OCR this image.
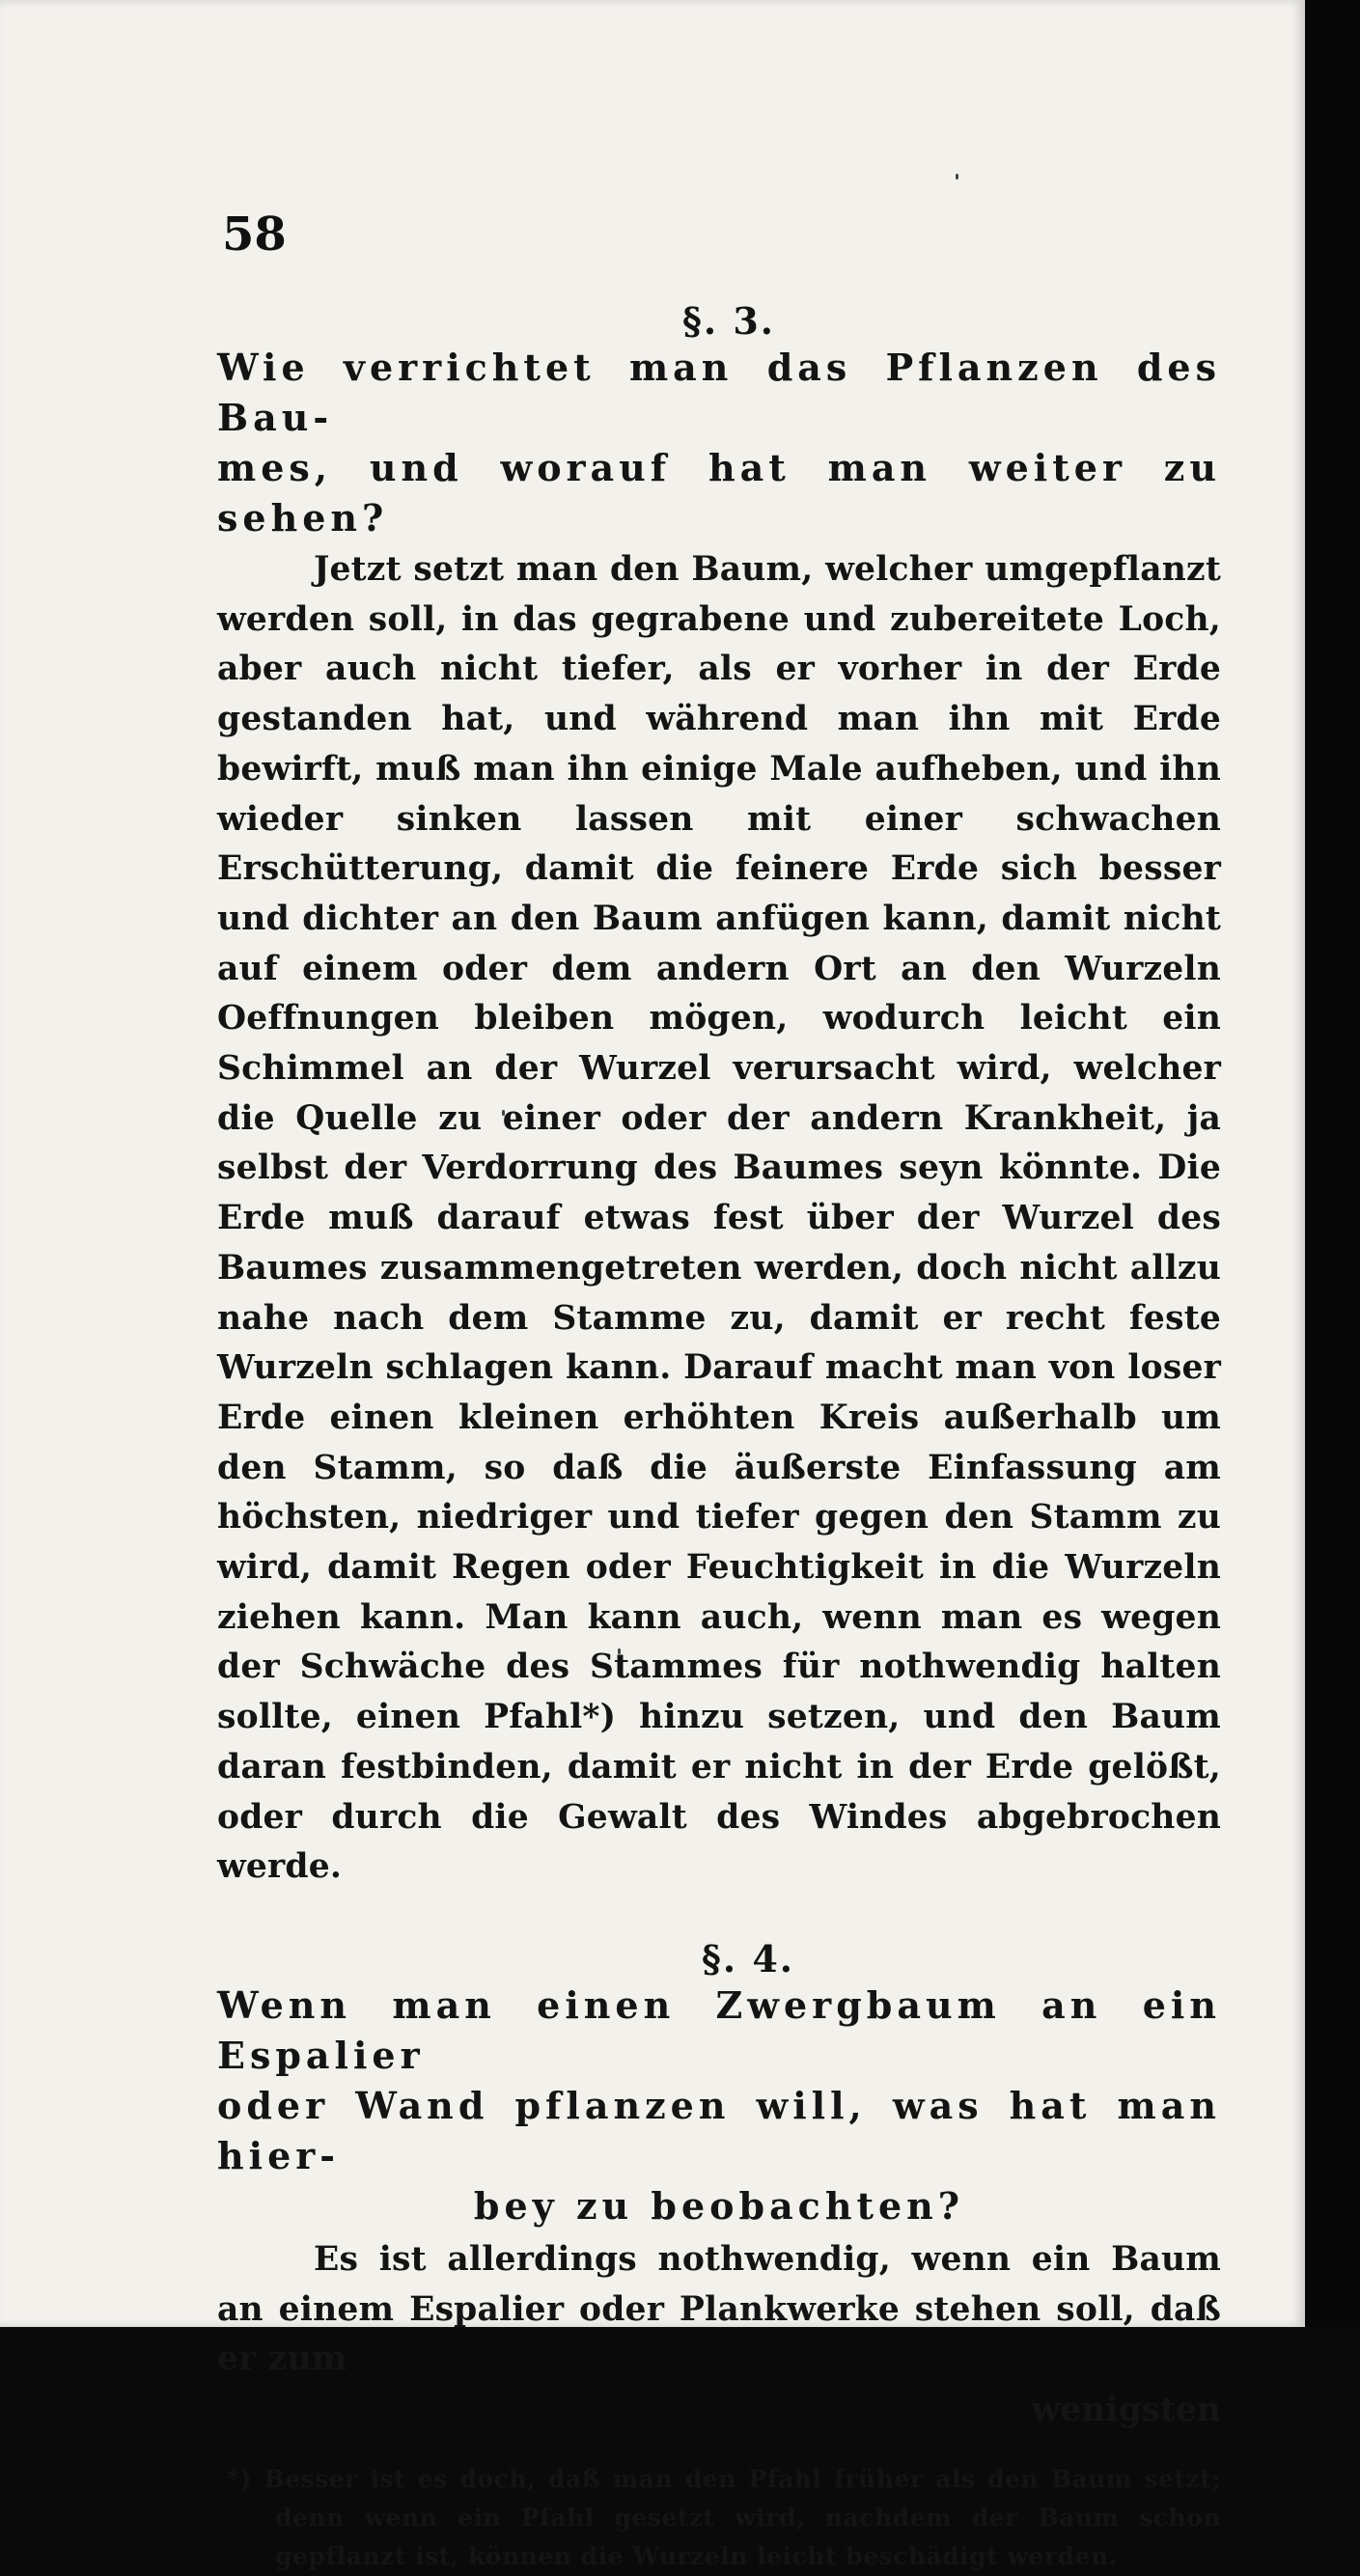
58

§. 3.

Wie verrichtet man das Pflanzen des Bau-

mes, und worauf hat man weiter zu sehen?

Jetzt setzt man den Baum, welcher umgepflanzt werden soll, in das gegrabene und zubereitete Loch, aber auch nicht tiefer, als er vorher in der Erde gestanden hat, und während man ihn mit Erde bewirft, muß man ihn einige Male aufheben, und ihn wieder sinken lassen mit einer schwachen Erschütterung, damit die feinere Erde sich besser und dichter an den Baum anfügen kann, damit nicht auf einem oder dem andern Ort an den Wurzeln Oeffnungen bleiben mögen, wodurch leicht ein Schimmel an der Wurzel verursacht wird, welcher die Quelle zu einer oder der andern Krankheit, ja selbst der Verdorrung des Baumes seyn könnte. Die Erde muß darauf etwas fest über der Wurzel des Baumes zusammengetreten werden, doch nicht allzu nahe nach dem Stamme zu, damit er recht feste Wurzeln schlagen kann. Darauf macht man von loser Erde einen kleinen erhöhten Kreis außerhalb um den Stamm, so daß die äußerste Einfassung am höchsten, niedriger und tiefer gegen den Stamm zu wird, damit Regen oder Feuchtigkeit in die Wurzeln ziehen kann. Man kann auch, wenn man es wegen der Schwäche des Stammes für nothwendig halten sollte, einen Pfahl*) hinzu setzen, und den Baum daran festbinden, damit er nicht in der Erde gelößt, oder durch die Gewalt des Windes abgebrochen werde.

§. 4.

Wenn man einen Zwergbaum an ein Espalier

oder Wand pflanzen will, was hat man hier-

bey zu beobachten?

Es ist allerdings nothwendig, wenn ein Baum an einem Espalier oder Plankwerke stehen soll, daß er zum

wenigsten

*) Besser ist es doch, daß man den Pfahl früher als den Baum setzt; denn wenn ein Pfahl gesetzt wird, nachdem der Baum schon gepflanzt ist, können die Wurzeln leicht beschädigt werden.
